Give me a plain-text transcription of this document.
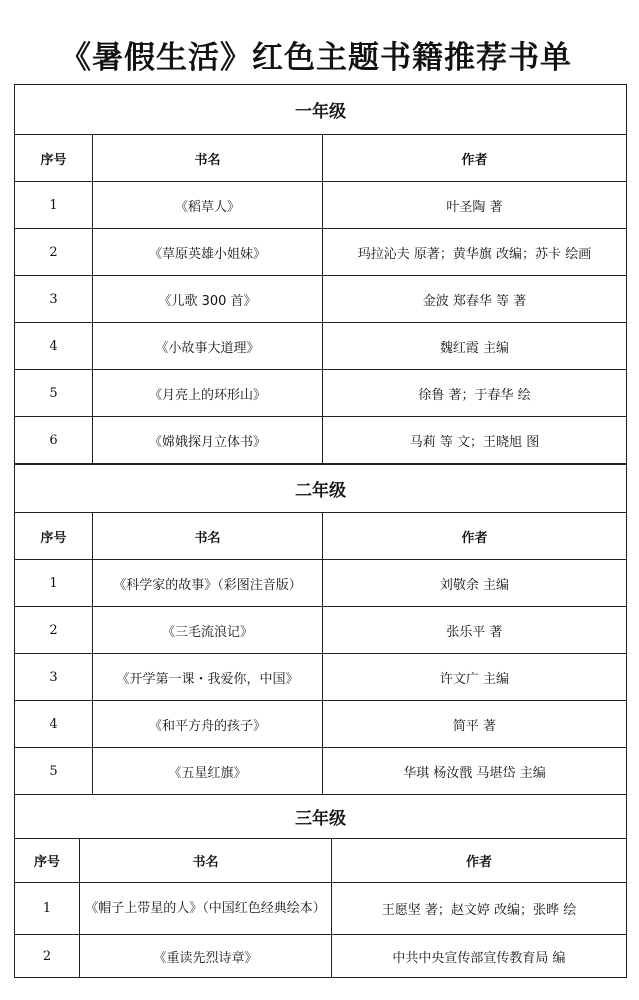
《暑假生活》红色主题书籍推荐书单
一年级		
序号	书名	作者
1	《稻草人》	叶圣陶 著
2	《草原英雄小姐妹》	玛拉沁夫 原著；黄华旗 改编；苏卡 绘画
3	《儿歌 300 首》	金波 郑春华 等 著
4	《小故事大道理》	魏红霞 主编
5	《月亮上的环形山》	徐鲁 著；于春华 绘
6	《嫦娥探月立体书》	马莉 等 文；王晓旭 图
二年级		
序号	书名	作者
1	《科学家的故事》（彩图注音版）	刘敬余 主编
2	《三毛流浪记》	张乐平 著
3	《开学第一课・我爱你，中国》	许文广 主编
4	《和平方舟的孩子》	简平 著
5	《五星红旗》	华琪 杨汝戬 马堪岱 主编
三年级		
序号	书名	作者
1	《帽子上带星的人》（中国红色经典绘本）	王愿坚 著；赵文婷 改编；张晔 绘
2	《重读先烈诗章》	中共中央宣传部宣传教育局 编
